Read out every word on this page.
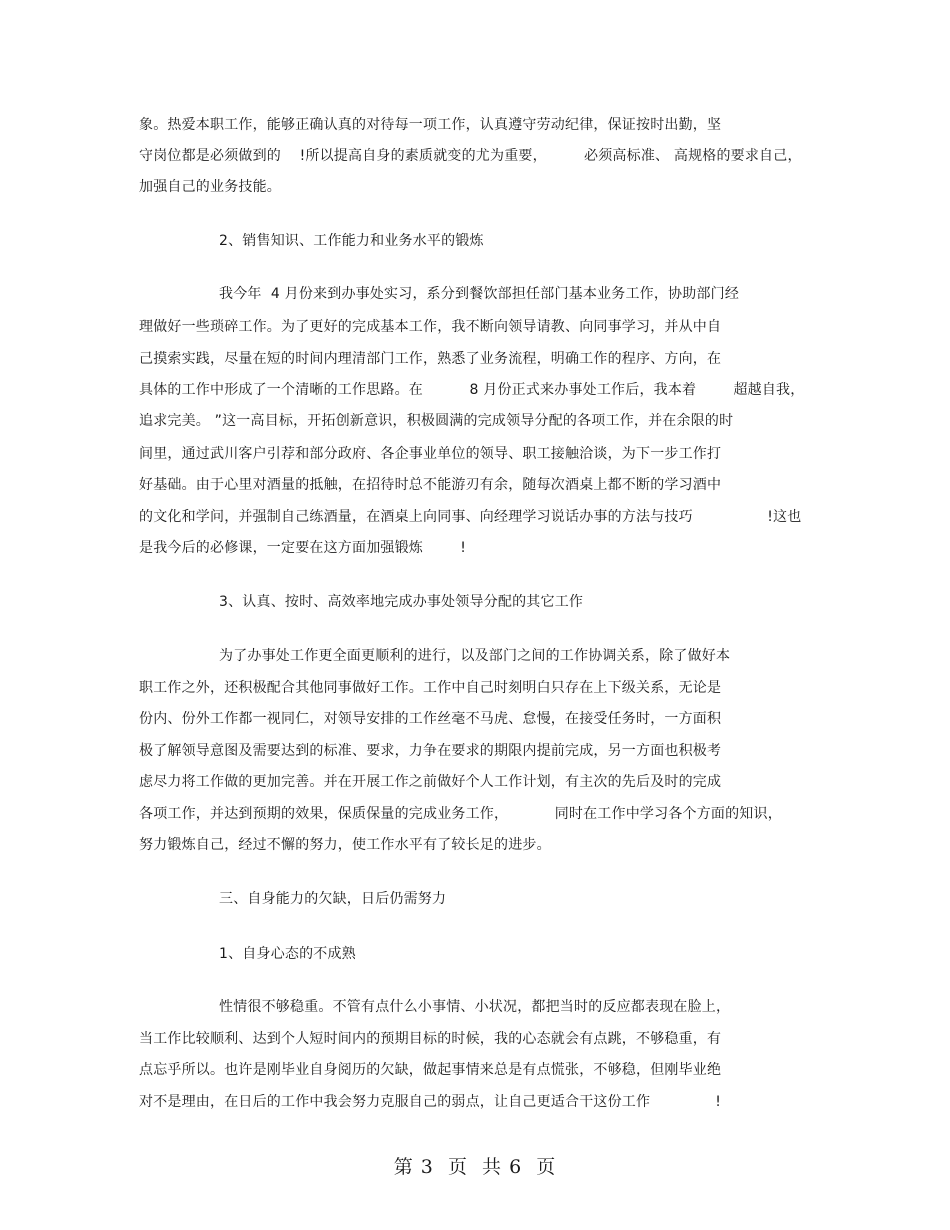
象。热爱本职工作，能够正确认真的对待每一项工作，认真遵守劳动纪律，保证按时出勤，坚
守岗位都是必须做到的    !所以提高自身的素质就变的尤为重要，        必须高标准、 高规格的要求自己，
加强自己的业务技能。
2、销售知识、工作能力和业务水平的锻炼
我今年  4 月份来到办事处实习，系分到餐饮部担任部门基本业务工作，协助部门经
理做好一些琐碎工作。为了更好的完成基本工作，我不断向领导请教、向同事学习，并从中自
己摸索实践，尽量在短的时间内理清部门工作，熟悉了业务流程，明确工作的程序、方向，在
具体的工作中形成了一个清晰的工作思路。在          8 月份正式来办事处工作后，我本着        超越自我，
追求完美。 ”这一高目标，开拓创新意识，积极圆满的完成领导分配的各项工作，并在余限的时
间里，通过武川客户引荐和部分政府、各企事业单位的领导、职工接触洽谈，为下一步工作打
好基础。由于心里对酒量的抵触，在招待时总不能游刃有余，随每次酒桌上都不断的学习酒中
的文化和学问，并强制自己练酒量，在酒桌上向同事、向经理学习说话办事的方法与技巧                !这也
是我今后的必修课，一定要在这方面加强锻炼        !
3、认真、按时、高效率地完成办事处领导分配的其它工作
为了办事处工作更全面更顺利的进行，以及部门之间的工作协调关系，除了做好本
职工作之外，还积极配合其他同事做好工作。工作中自己时刻明白只存在上下级关系，无论是
份内、份外工作都一视同仁，对领导安排的工作丝毫不马虎、怠慢，在接受任务时，一方面积
极了解领导意图及需要达到的标准、要求，力争在要求的期限内提前完成，另一方面也积极考
虑尽力将工作做的更加完善。并在开展工作之前做好个人工作计划，有主次的先后及时的完成
各项工作，并达到预期的效果，保质保量的完成业务工作，          同时在工作中学习各个方面的知识，
努力锻炼自己，经过不懈的努力，使工作水平有了较长足的进步。
三、自身能力的欠缺，日后仍需努力
1、自身心态的不成熟
性情很不够稳重。不管有点什么小事情、小状况，都把当时的反应都表现在脸上，
当工作比较顺利、达到个人短时间内的预期目标的时候，我的心态就会有点跳，不够稳重，有
点忘乎所以。也许是刚毕业自身阅历的欠缺，做起事情来总是有点慌张，不够稳，但刚毕业绝
对不是理由，在日后的工作中我会努力克服自己的弱点，让自己更适合干这份工作              !
第 3  页  共 6  页
